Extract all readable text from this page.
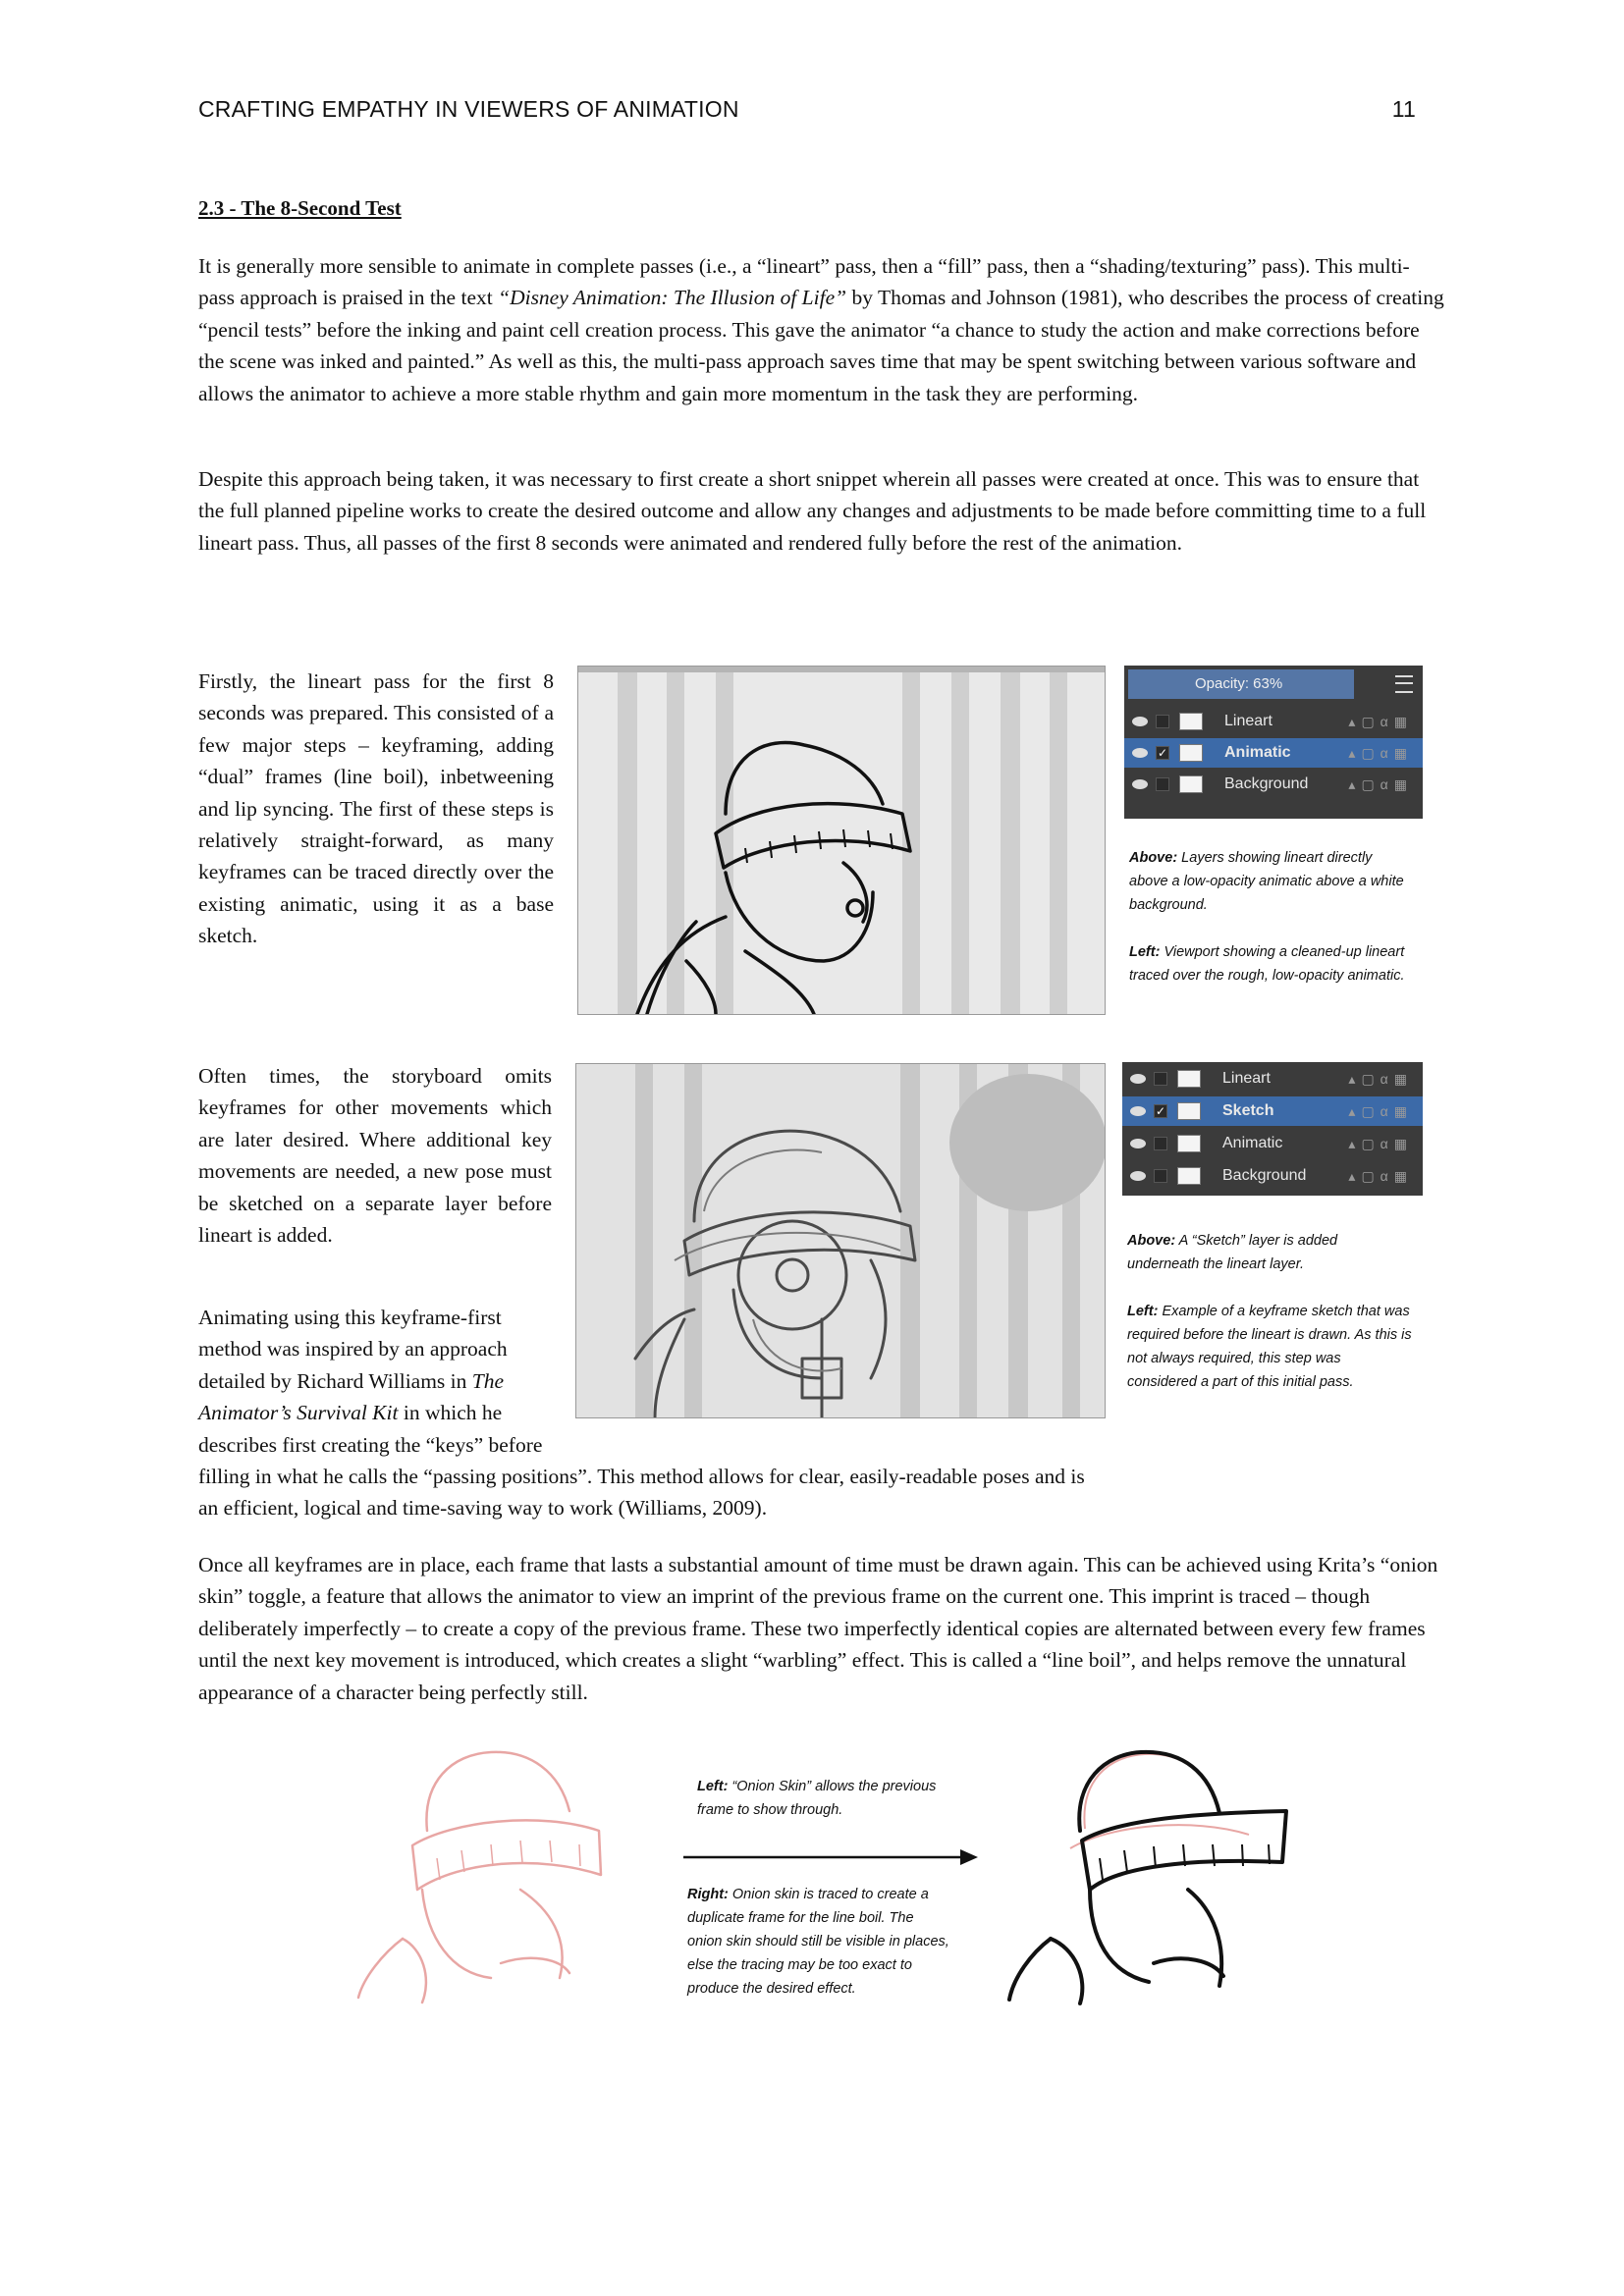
CRAFTING EMPATHY IN VIEWERS OF ANIMATION	11
2.3 - The 8-Second Test
It is generally more sensible to animate in complete passes (i.e., a “lineart” pass, then a “fill” pass, then a “shading/texturing” pass). This multi-pass approach is praised in the text “Disney Animation: The Illusion of Life” by Thomas and Johnson (1981), who describes the process of creating “pencil tests” before the inking and paint cell creation process. This gave the animator “a chance to study the action and make corrections before the scene was inked and painted.” As well as this, the multi-pass approach saves time that may be spent switching between various software and allows the animator to achieve a more stable rhythm and gain more momentum in the task they are performing.
Despite this approach being taken, it was necessary to first create a short snippet wherein all passes were created at once. This was to ensure that the full planned pipeline works to create the desired outcome and allow any changes and adjustments to be made before committing time to a full lineart pass. Thus, all passes of the first 8 seconds were animated and rendered fully before the rest of the animation.
Firstly, the lineart pass for the first 8 seconds was prepared. This consisted of a few major steps – keyframing, adding “dual” frames (line boil), inbetweening and lip syncing. The first of these steps is relatively straight-forward, as many keyframes can be traced directly over the existing animatic, using it as a base sketch.
Opacity: 63%
Lineart	▴▢α▦
✓	Animatic	▴▢α▦
Background	▴▢α▦
Above: Layers showing lineart directly above a low-opacity animatic above a white background.
Left: Viewport showing a cleaned-up lineart traced over the rough, low-opacity animatic.
Often times, the storyboard omits keyframes for other movements which are later desired. Where additional key movements are needed, a new pose must be sketched on a separate layer before lineart is added.
Lineart	▴▢α▦
✓	Sketch	▴▢α▦
Animatic	▴▢α▦
Background	▴▢α▦
Above: A “Sketch” layer is added underneath the lineart layer.
Left: Example of a keyframe sketch that was required before the lineart is drawn. As this is not always required, this step was considered a part of this initial pass.
Animating using this keyframe-first method was inspired by an approach detailed by Richard Williams in The Animator’s Survival Kit in which he describes first creating the “keys” before filling in what he calls the “passing positions”. This method allows for clear, easily-readable poses and is an efficient, logical and time-saving way to work (Williams, 2009).
Once all keyframes are in place, each frame that lasts a substantial amount of time must be drawn again. This can be achieved using Krita’s “onion skin” toggle, a feature that allows the animator to view an imprint of the previous frame on the current one. This imprint is traced – though deliberately imperfectly – to create a copy of the previous frame. These two imperfectly identical copies are alternated between every few frames until the next key movement is introduced, which creates a slight “warbling” effect. This is called a “line boil”, and helps remove the unnatural appearance of a character being perfectly still.
Left: “Onion Skin” allows the previous frame to show through.
Right: Onion skin is traced to create a duplicate frame for the line boil. The onion skin should still be visible in places, else the tracing may be too exact to produce the desired effect.
